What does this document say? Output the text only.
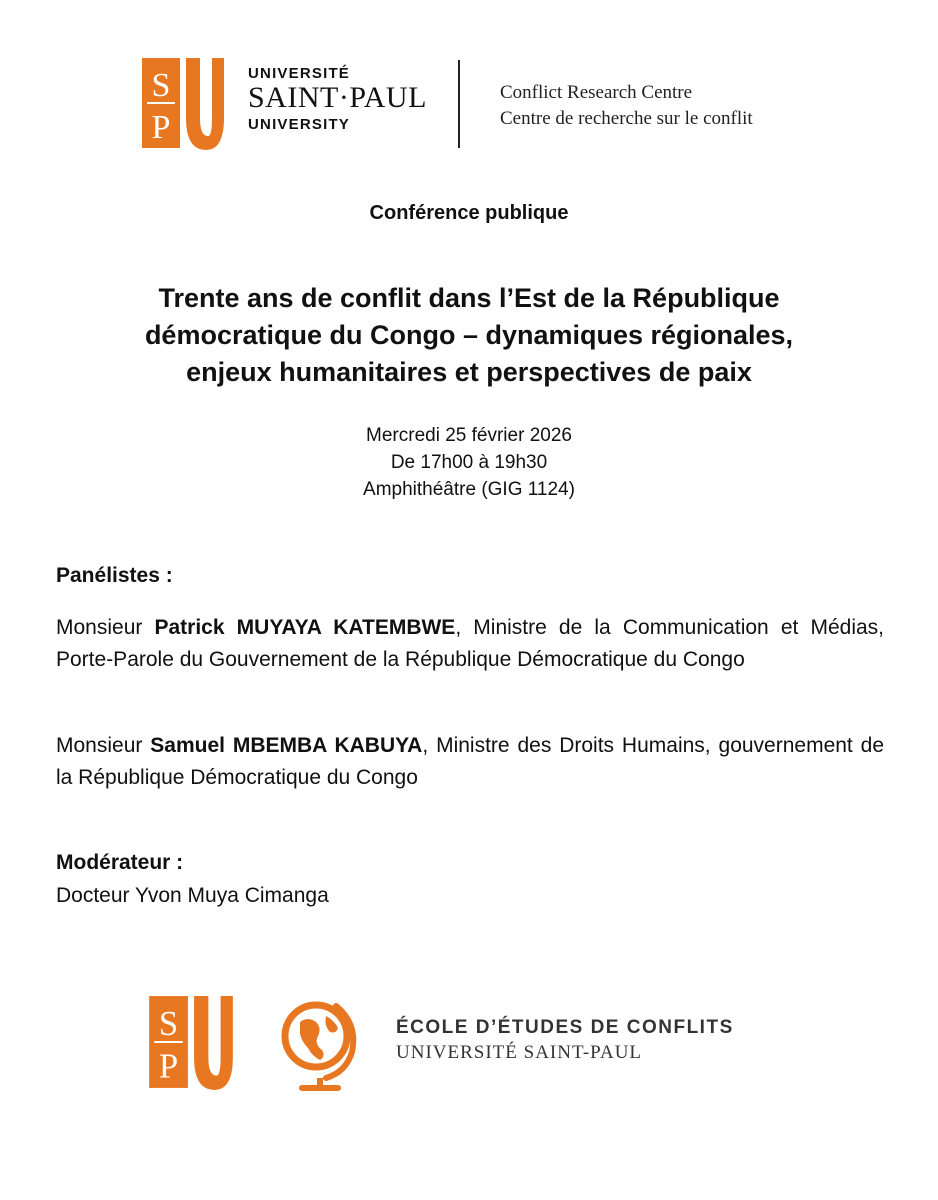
S
P
UNIVERSITÉ
SAINT·PAUL
UNIVERSITY
Conflict Research Centre
Centre de recherche sur le conflit
Conférence publique
Trente ans de conflit dans l’Est de la République
démocratique du Congo – dynamiques régionales,
enjeux humanitaires et perspectives de paix
Mercredi 25 février 2026
De 17h00 à 19h30
Amphithéâtre (GIG 1124)
Panélistes :
Monsieur Patrick MUYAYA KATEMBWE, Ministre de la Communication et Médias, Porte-Parole du Gouvernement de la République Démocratique du Congo
Monsieur Samuel MBEMBA KABUYA, Ministre des Droits Humains, gouvernement de la République Démocratique du Congo
Modérateur :
Docteur Yvon Muya Cimanga
S
P
ÉCOLE D’ÉTUDES DE CONFLITS
UNIVERSITÉ SAINT-PAUL
